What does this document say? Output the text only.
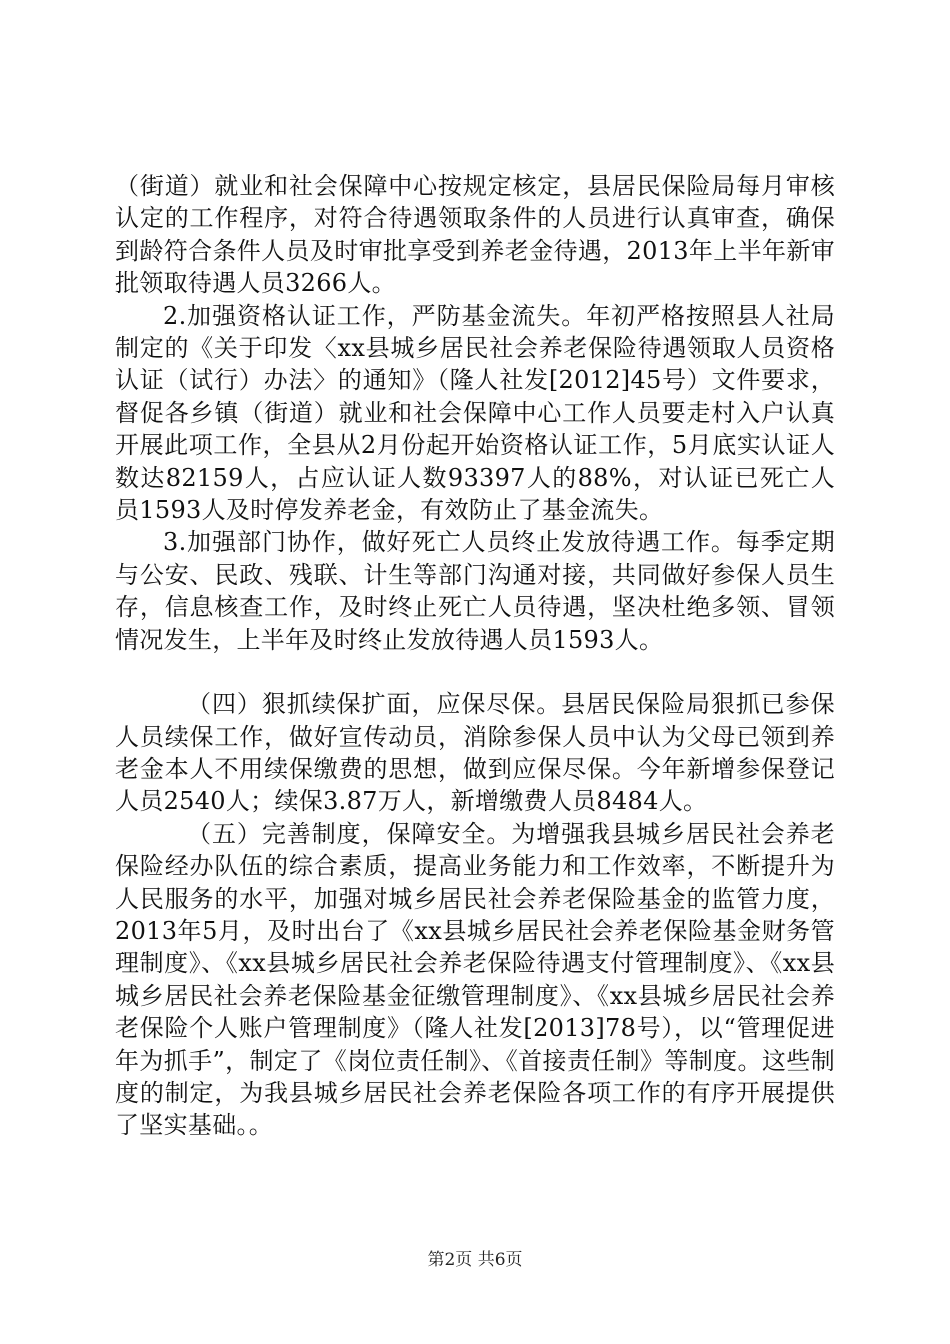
（街道）就业和社会保障中心按规定核定，县居民保险局每月审核认定的工作程序，对符合待遇领取条件的人员进行认真审查，确保到龄符合条件人员及时审批享受到养老金待遇，2013年上半年新审批领取待遇人员3266人。

2.加强资格认证工作，严防基金流失。年初严格按照县人社局制定的《关于印发〈xx县城乡居民社会养老保险待遇领取人员资格认证（试行）办法〉的通知》（隆人社发[2012]45号）文件要求，督促各乡镇（街道）就业和社会保障中心工作人员要走村入户认真开展此项工作，全县从2月份起开始资格认证工作，5月底实认证人数达82159人，占应认证人数93397人的88%，对认证已死亡人员1593人及时停发养老金，有效防止了基金流失。

3.加强部门协作，做好死亡人员终止发放待遇工作。每季定期与公安、民政、残联、计生等部门沟通对接，共同做好参保人员生存，信息核查工作，及时终止死亡人员待遇，坚决杜绝多领、冒领情况发生，上半年及时终止发放待遇人员1593人。

（四）狠抓续保扩面，应保尽保。县居民保险局狠抓已参保人员续保工作，做好宣传动员，消除参保人员中认为父母已领到养老金本人不用续保缴费的思想，做到应保尽保。今年新增参保登记人员2540人；续保3.87万人，新增缴费人员8484人。

（五）完善制度，保障安全。为增强我县城乡居民社会养老保险经办队伍的综合素质，提高业务能力和工作效率，不断提升为人民服务的水平，加强对城乡居民社会养老保险基金的监管力度，2013年5月，及时出台了《xx县城乡居民社会养老保险基金财务管理制度》、《xx县城乡居民社会养老保险待遇支付管理制度》、《xx县城乡居民社会养老保险基金征缴管理制度》、《xx县城乡居民社会养老保险个人账户管理制度》（隆人社发[2013]78号），以“管理促进年为抓手”，制定了《岗位责任制》、《首接责任制》等制度。这些制度的制定，为我县城乡居民社会养老保险各项工作的有序开展提供了坚实基础。。

第2页 共6页
